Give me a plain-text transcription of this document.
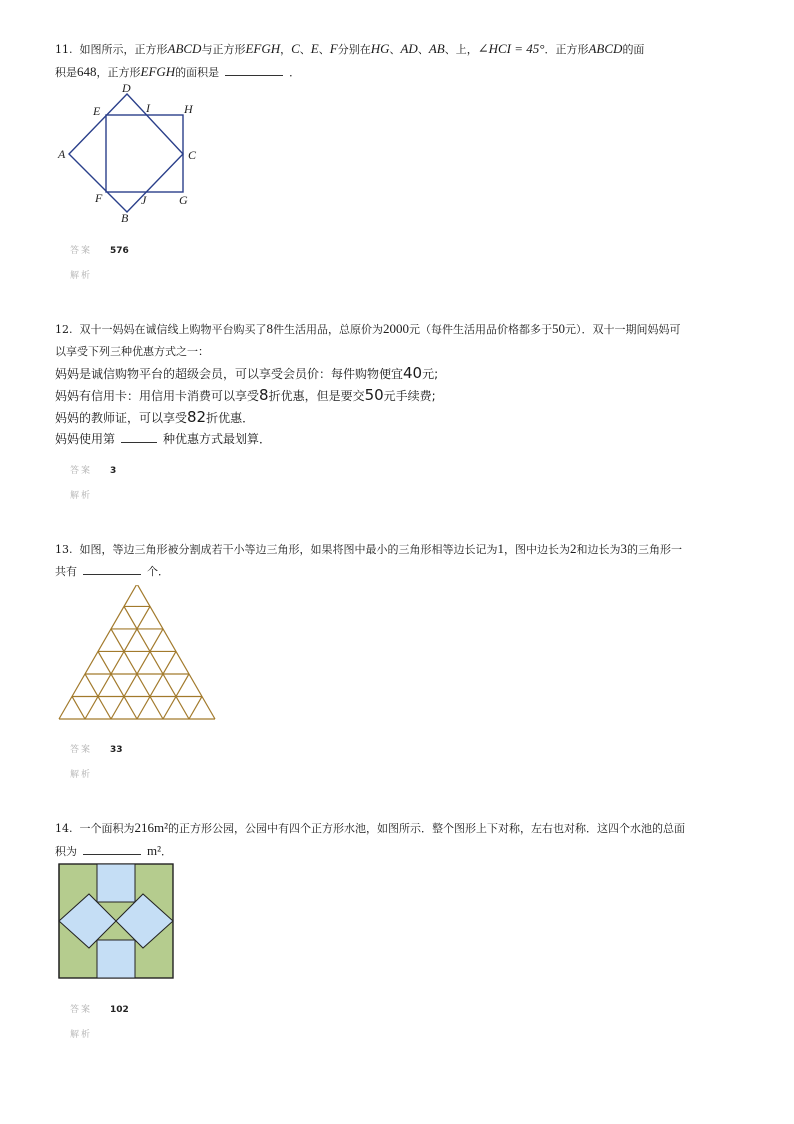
11. 如图所示，正方形ABCD与正方形EFGH，C、E、F分别在HG、AD、AB、上，∠HCI = 45°．正方形ABCD的面

积是648，正方形EFGH的面积是	．

D
A	C
B
E	I	H
F	J	G
答案 576
解析

12. 双十一妈妈在诚信线上购物平台购买了8件生活用品，总原价为2000元（每件生活用品价格都多于50元）．双十一期间妈妈可

以享受下列三种优惠方式之一：

妈妈是诚信购物平台的超级会员，可以享受会员价：每件购物便宜40元;

妈妈有信用卡：用信用卡消费可以享受8折优惠，但是要交50元手续费;

妈妈的教师证，可以享受82折优惠．

妈妈使用第	种优惠方式最划算．

答案 3
解析

13. 如图，等边三角形被分割成若干小等边三角形，如果将图中最小的三角形相等边长记为1，图中边长为2和边长为3的三角形一

共有	个．

答案 33
解析

14. 一个面积为216m²的正方形公园，公园中有四个正方形水池，如图所示．整个图形上下对称，左右也对称．这四个水池的总面

积为	m²．

答案 102
解析
